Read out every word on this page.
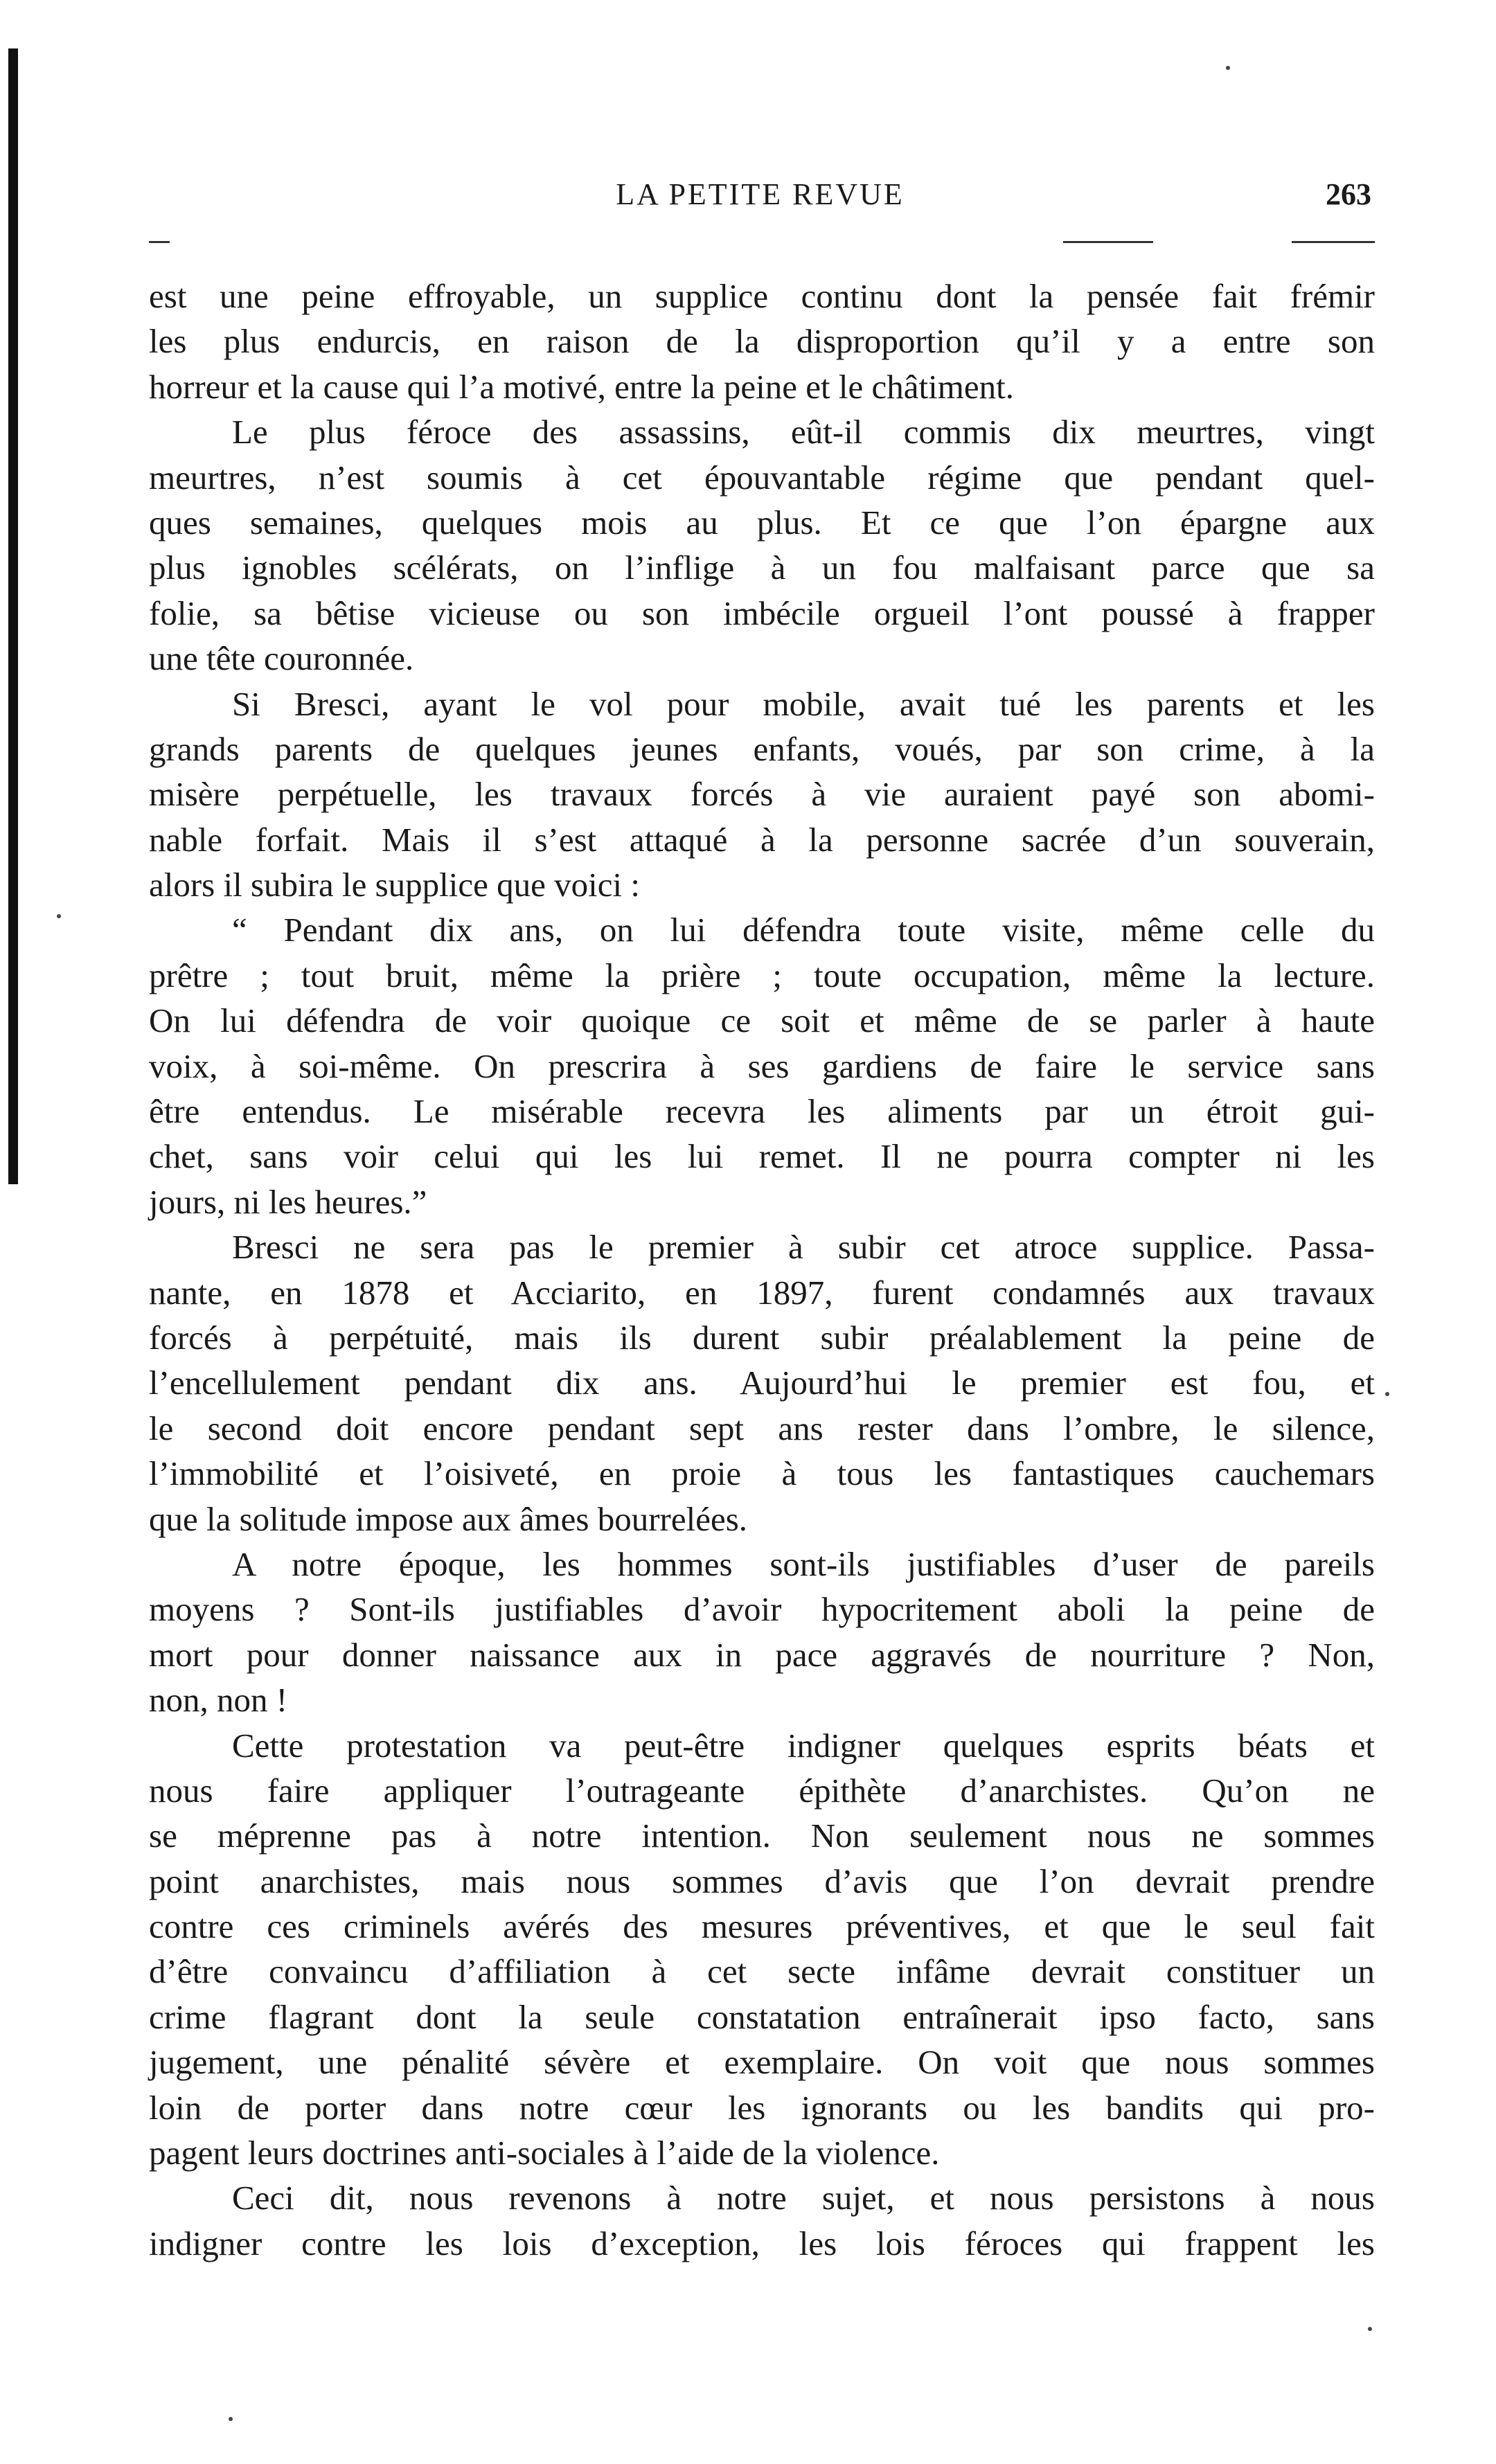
LA PETITE REVUE	263
est une peine effroyable, un supplice continu dont la pensée fait frémir
les plus endurcis, en raison de la disproportion qu’il y a entre son
horreur et la cause qui l’a motivé, entre la peine et le châtiment.
Le plus féroce des assassins, eût-il commis dix meurtres, vingt
meurtres, n’est soumis à cet épouvantable régime que pendant quel-
ques semaines, quelques mois au plus. Et ce que l’on épargne aux
plus ignobles scélérats, on l’inflige à un fou malfaisant parce que sa
folie, sa bêtise vicieuse ou son imbécile orgueil l’ont poussé à frapper
une tête couronnée.
Si Bresci, ayant le vol pour mobile, avait tué les parents et les
grands parents de quelques jeunes enfants, voués, par son crime, à la
misère perpétuelle, les travaux forcés à vie auraient payé son abomi-
nable forfait. Mais il s’est attaqué à la personne sacrée d’un souverain,
alors il subira le supplice que voici :
“ Pendant dix ans, on lui défendra toute visite, même celle du
prêtre ; tout bruit, même la prière ; toute occupation, même la lecture.
On lui défendra de voir quoique ce soit et même de se parler à haute
voix, à soi-même. On prescrira à ses gardiens de faire le service sans
être entendus. Le misérable recevra les aliments par un étroit gui-
chet, sans voir celui qui les lui remet. Il ne pourra compter ni les
jours, ni les heures.”
Bresci ne sera pas le premier à subir cet atroce supplice. Passa-
nante, en 1878 et Acciarito, en 1897, furent condamnés aux travaux
forcés à perpétuité, mais ils durent subir préalablement la peine de
l’encellulement pendant dix ans. Aujourd’hui le premier est fou, et
le second doit encore pendant sept ans rester dans l’ombre, le silence,
l’immobilité et l’oisiveté, en proie à tous les fantastiques cauchemars
que la solitude impose aux âmes bourrelées.
A notre époque, les hommes sont-ils justifiables d’user de pareils
moyens ? Sont-ils justifiables d’avoir hypocritement aboli la peine de
mort pour donner naissance aux in pace aggravés de nourriture ? Non,
non, non !
Cette protestation va peut-être indigner quelques esprits béats et
nous faire appliquer l’outrageante épithète d’anarchistes. Qu’on ne
se méprenne pas à notre intention. Non seulement nous ne sommes
point anarchistes, mais nous sommes d’avis que l’on devrait prendre
contre ces criminels avérés des mesures préventives, et que le seul fait
d’être convaincu d’affiliation à cet secte infâme devrait constituer un
crime flagrant dont la seule constatation entraînerait ipso facto, sans
jugement, une pénalité sévère et exemplaire. On voit que nous sommes
loin de porter dans notre cœur les ignorants ou les bandits qui pro-
pagent leurs doctrines anti-sociales à l’aide de la violence.
Ceci dit, nous revenons à notre sujet, et nous persistons à nous
indigner contre les lois d’exception, les lois féroces qui frappent les
